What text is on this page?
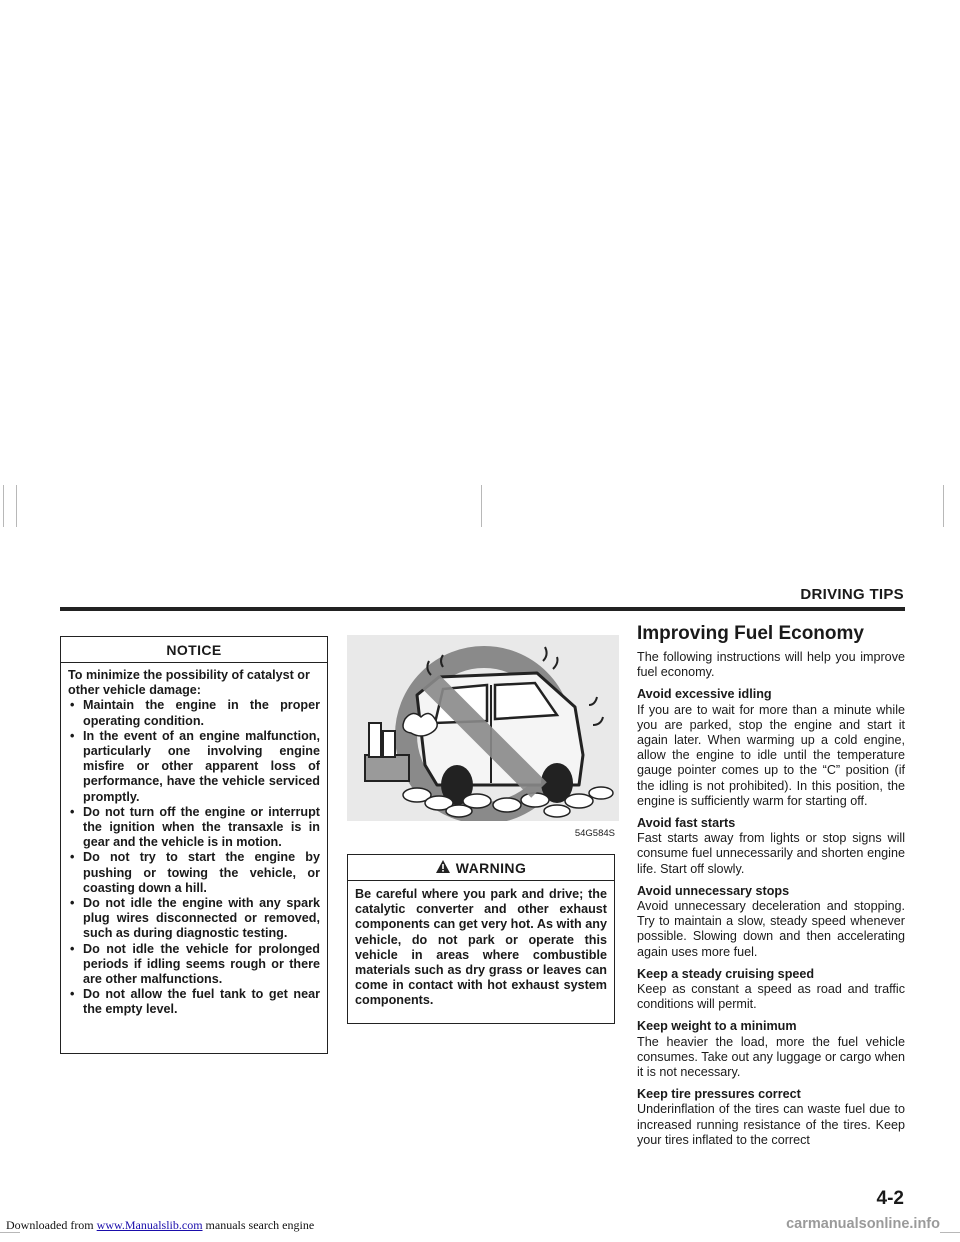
DRIVING TIPS
NOTICE
To minimize the possibility of catalyst or other vehicle damage:
• Maintain the engine in the proper operating condition.
• In the event of an engine malfunction, particularly one involving engine misfire or other apparent loss of performance, have the vehicle serviced promptly.
• Do not turn off the engine or interrupt the ignition when the transaxle is in gear and the vehicle is in motion.
• Do not try to start the engine by pushing or towing the vehicle, or coasting down a hill.
• Do not idle the engine with any spark plug wires disconnected or removed, such as during diagnostic testing.
• Do not idle the vehicle for prolonged periods if idling seems rough or there are other malfunctions.
• Do not allow the fuel tank to get near the empty level.
54G584S
WARNING
Be careful where you park and drive; the catalytic converter and other exhaust components can get very hot. As with any vehicle, do not park or operate this vehicle in areas where combustible materials such as dry grass or leaves can come in contact with hot exhaust system components.
Improving Fuel Economy
The following instructions will help you improve fuel economy.
Avoid excessive idling
If you are to wait for more than a minute while you are parked, stop the engine and start it again later. When warming up a cold engine, allow the engine to idle until the temperature gauge pointer comes up to the “C” position (if the idling is not prohibited). In this position, the engine is sufficiently warm for starting off.
Avoid fast starts
Fast starts away from lights or stop signs will consume fuel unnecessarily and shorten engine life. Start off slowly.
Avoid unnecessary stops
Avoid unnecessary deceleration and stopping. Try to maintain a slow, steady speed whenever possible. Slowing down and then accelerating again uses more fuel.
Keep a steady cruising speed
Keep as constant a speed as road and traffic conditions will permit.
Keep weight to a minimum
The heavier the load, more the fuel vehicle consumes. Take out any luggage or cargo when it is not necessary.
Keep tire pressures correct
Underinflation of the tires can waste fuel due to increased running resistance of the tires. Keep your tires inflated to the correct
4-2
Downloaded from www.Manualslib.com manuals search engine	carmanualsonline.info
